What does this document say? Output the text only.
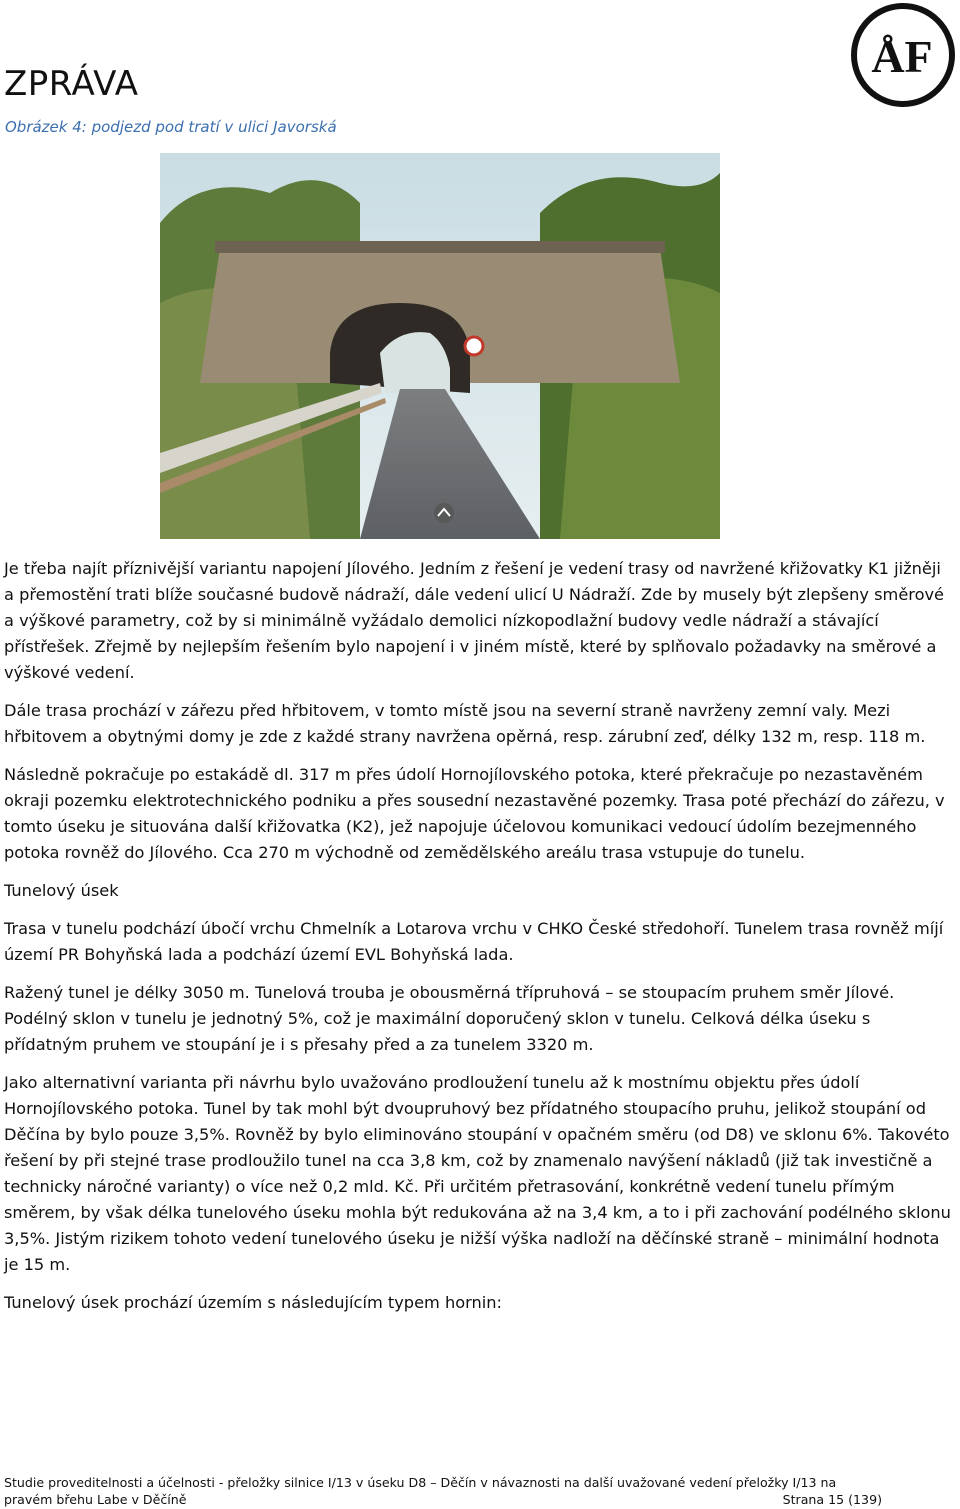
ÅF
ZPRÁVA
Obrázek 4: podjezd pod tratí v ulici Javorská

Je třeba najít příznivější variantu napojení Jílového. Jedním z řešení je vedení trasy od navržené křižovatky K1 jižněji a přemostění trati blíže současné budově nádraží, dále vedení ulicí U Nádraží. Zde by musely být zlepšeny směrové a výškové parametry, což by si minimálně vyžádalo demolici nízkopodlažní budovy vedle nádraží a stávající přístřešek. Zřejmě by nejlepším řešením bylo napojení i v jiném místě, které by splňovalo požadavky na směrové a výškové vedení.

Dále trasa prochází v zářezu před hřbitovem, v tomto místě jsou na severní straně navrženy zemní valy. Mezi hřbitovem a obytnými domy je zde z každé strany navržena opěrná, resp. zárubní zeď, délky 132 m, resp. 118 m.

Následně pokračuje po estakádě dl. 317 m přes údolí Hornojílovského potoka, které překračuje po nezastavěném okraji pozemku elektrotechnického podniku a přes sousední nezastavěné pozemky. Trasa poté přechází do zářezu, v tomto úseku je situována další křižovatka (K2), jež napojuje účelovou komunikaci vedoucí údolím bezejmenného potoka rovněž do Jílového. Cca 270 m východně od zemědělského areálu trasa vstupuje do tunelu.

Tunelový úsek

Trasa v tunelu podchází úbočí vrchu Chmelník a Lotarova vrchu v CHKO České středohoří. Tunelem trasa rovněž míjí území PR Bohyňská lada a podchází území EVL Bohyňská lada.

Ražený tunel je délky 3050 m. Tunelová trouba je obousměrná třípruhová – se stoupacím pruhem směr Jílové. Podélný sklon v tunelu je jednotný 5%, což je maximální doporučený sklon v tunelu. Celková délka úseku s přídatným pruhem ve stoupání je i s přesahy před a za tunelem 3320 m.

Jako alternativní varianta při návrhu bylo uvažováno prodloužení tunelu až k mostnímu objektu přes údolí Hornojílovského potoka. Tunel by tak mohl být dvoupruhový bez přídatného stoupacího pruhu, jelikož stoupání od Děčína by bylo pouze 3,5%. Rovněž by bylo eliminováno stoupání v opačném směru (od D8) ve sklonu 6%. Takovéto řešení by při stejné trase prodloužilo tunel na cca 3,8 km, což by znamenalo navýšení nákladů (již tak investičně a technicky náročné varianty) o více než 0,2 mld. Kč. Při určitém přetrasování, konkrétně vedení tunelu přímým směrem, by však délka tunelového úseku mohla být redukována až na 3,4 km, a to i při zachování podélného sklonu 3,5%. Jistým rizikem tohoto vedení tunelového úseku je nižší výška nadloží na děčínské straně – minimální hodnota je 15 m.

Tunelový úsek prochází územím s následujícím typem hornin:

Studie proveditelnosti a účelnosti - přeložky silnice I/13 v úseku D8 – Děčín v návaznosti na další uvažované vedení přeložky I/13 na
pravém břehu Labe v Děčíně	Strana 15 (139)
